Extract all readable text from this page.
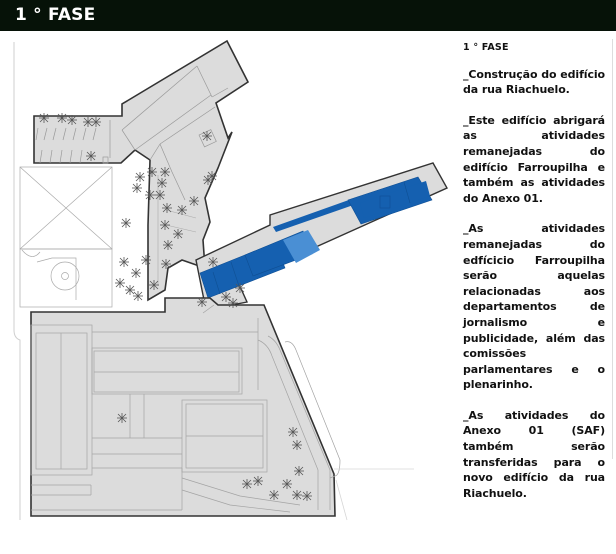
1 ° FASE
1 ° FASE

_Construção do edifício da rua Riachuelo.

_Este edifício abrigará as atividades remanejadas do edifício Farroupilha e também as atividades do Anexo 01.

_As atividades remanejadas do edfícicio Farroupilha serão aquelas relacionadas aos departamentos de jornalismo e publicidade, além das comissões parlamentares e o plenarinho.

_As atividades do Anexo 01 (SAF) também serão transferidas para o novo edifício da rua Riachuelo.
